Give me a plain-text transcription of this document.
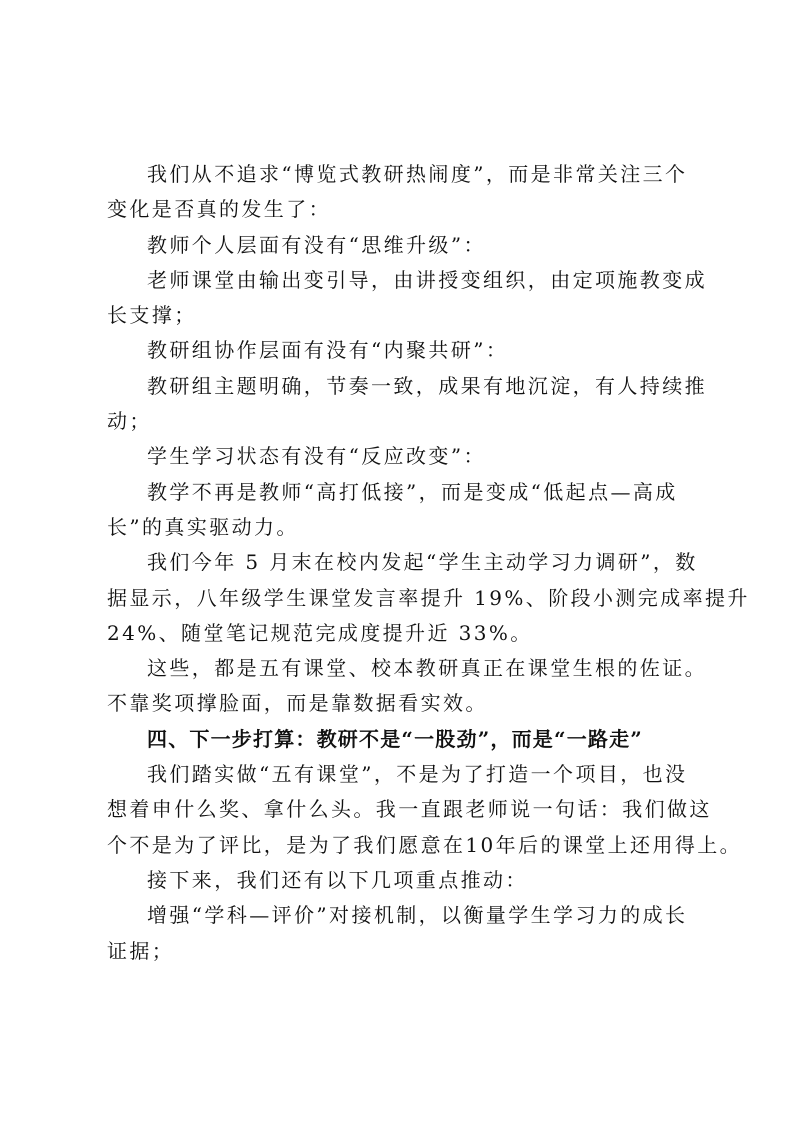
我们从不追求“博览式教研热闹度”，而是非常关注三个
变化是否真的发生了：

教师个人层面有没有“思维升级”：

老师课堂由输出变引导，由讲授变组织，由定项施教变成
长支撑；

教研组协作层面有没有“内聚共研”：

教研组主题明确，节奏一致，成果有地沉淀，有人持续推
动；

学生学习状态有没有“反应改变”：

教学不再是教师“高打低接”，而是变成“低起点—高成
长”的真实驱动力。

我们今年 5 月末在校内发起“学生主动学习力调研”，数
据显示，八年级学生课堂发言率提升 19%、阶段小测完成率提升
24%、随堂笔记规范完成度提升近 33%。

这些，都是五有课堂、校本教研真正在课堂生根的佐证。
不靠奖项撑脸面，而是靠数据看实效。

四、下一步打算：教研不是“一股劲”，而是“一路走”

我们踏实做“五有课堂”，不是为了打造一个项目，也没
想着申什么奖、拿什么头。我一直跟老师说一句话：我们做这
个不是为了评比，是为了我们愿意在10年后的课堂上还用得上。

接下来，我们还有以下几项重点推动：

增强“学科—评价”对接机制，以衡量学生学习力的成长
证据；
